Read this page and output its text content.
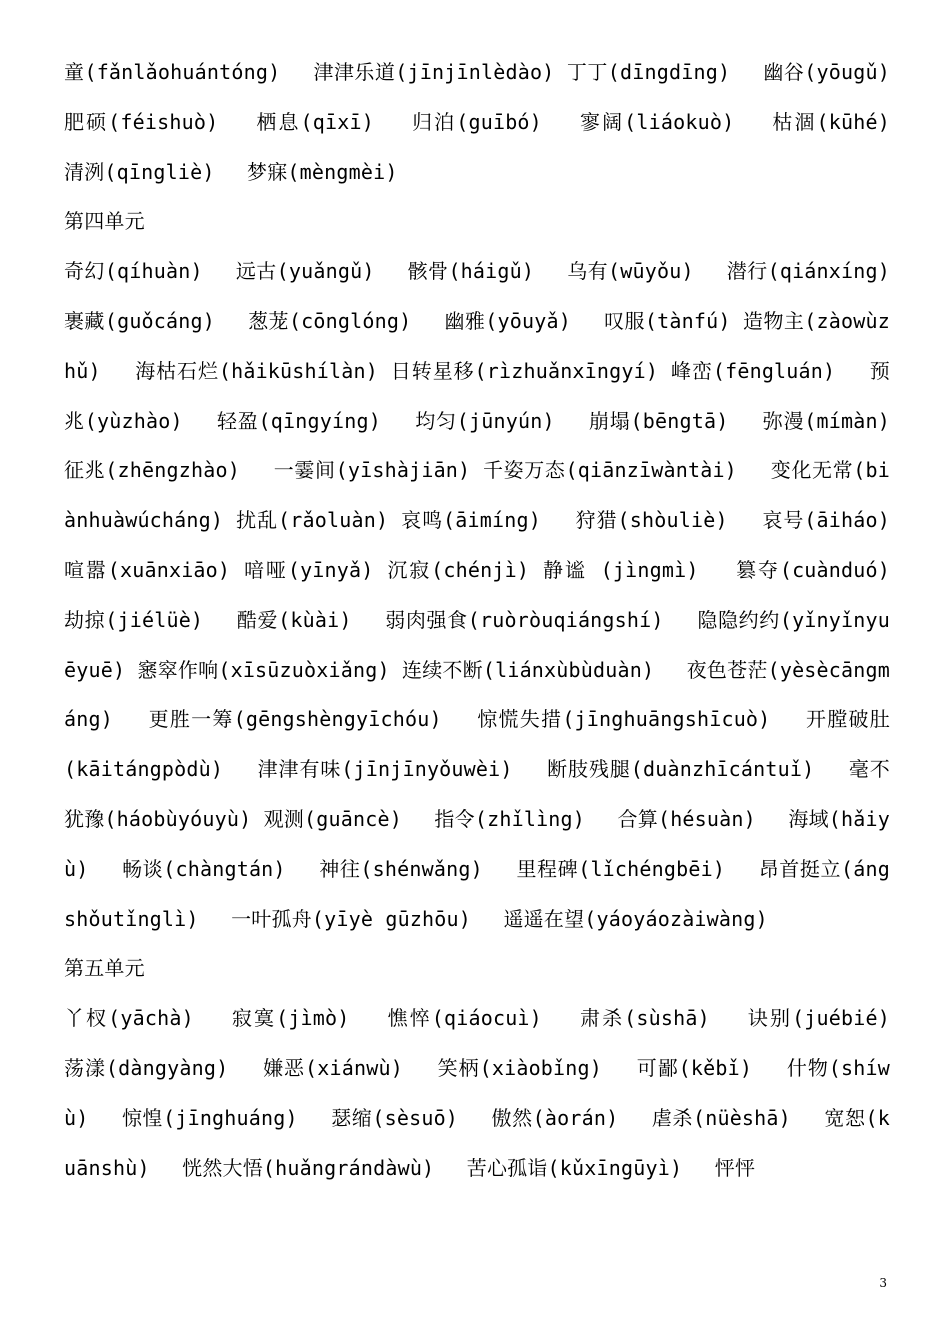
童(fǎnlǎohuántóng)　 津津乐道(jīnjīnlèdào) 丁丁(dīngdīng)　 幽谷(yōugǔ)　 肥硕(féishuò)　 栖息(qīxī)　 归泊(guībó)　 寥阔(liáokuò)　 枯涸(kūhé)　 清洌(qīngliè)　 梦寐(mèngmèi)
第四单元
奇幻(qíhuàn)　 远古(yuǎngǔ)　 骸骨(háigǔ)　 乌有(wūyǒu)　 潜行(qiánxíng) 裹藏(guǒcáng)　 葱茏(cōnglóng)　 幽雅(yōuyǎ)　 叹服(tànfú) 造物主(zàowùzhǔ)　 海枯石烂(hǎikūshílàn) 日转星移(rìzhuǎnxīngyí) 峰峦(fēngluán)　 预兆(yùzhào)　 轻盈(qīngyíng)　 均匀(jūnyún)　 崩塌(bēngtā)　 弥漫(mímàn) 征兆(zhēngzhào)　 一霎间(yīshàjiān) 千姿万态(qiānzīwàntài)　 变化无常(biànhuàwúcháng) 扰乱(rǎoluàn) 哀鸣(āimíng)　 狩猎(shòuliè)　 哀号(āiháo)　 喧嚣(xuānxiāo) 喑哑(yīnyǎ) 沉寂(chénjì) 静谧 (jìngmì)　 篡夺(cuànduó)　 劫掠(jiélüè)　 酷爱(kùài)　 弱肉强食(ruòròuqiángshí)　 隐隐约约(yǐnyǐnyuēyuē) 窸窣作响(xīsūzuòxiǎng) 连续不断(liánxùbùduàn)　 夜色苍茫(yèsècāngmáng)　 更胜一筹(gēngshèngyīchóu)　 惊慌失措(jīnghuāngshīcuò)　 开膛破肚(kāitángpòdù)　 津津有味(jīnjīnyǒuwèi)　 断肢残腿(duànzhīcántuǐ)　 毫不犹豫(háobùyóuyù) 观测(guāncè)　 指令(zhǐlìng)　 合算(hésuàn)　 海域(hǎiyù)　 畅谈(chàngtán)　 神往(shénwǎng)　 里程碑(lǐchéngbēi)　 昂首挺立(ángshǒutǐnglì)　 一叶孤舟(yīyè gūzhōu)　 遥遥在望(yáoyáozàiwàng)
第五单元
丫杈(yāchà)　 寂寞(jìmò)　 憔悴(qiáocuì)　 肃杀(sùshā)　 诀别(juébié)　 荡漾(dàngyàng)　 嫌恶(xiánwù)　 笑柄(xiàobǐng)　 可鄙(kěbǐ)　 什物(shíwù)　 惊惶(jīnghuáng)　 瑟缩(sèsuō)　 傲然(àorán)　 虐杀(nüèshā)　 宽恕(kuānshù)　 恍然大悟(huǎngrándàwù)　 苦心孤诣(kǔxīngūyì)　 怦怦
3
